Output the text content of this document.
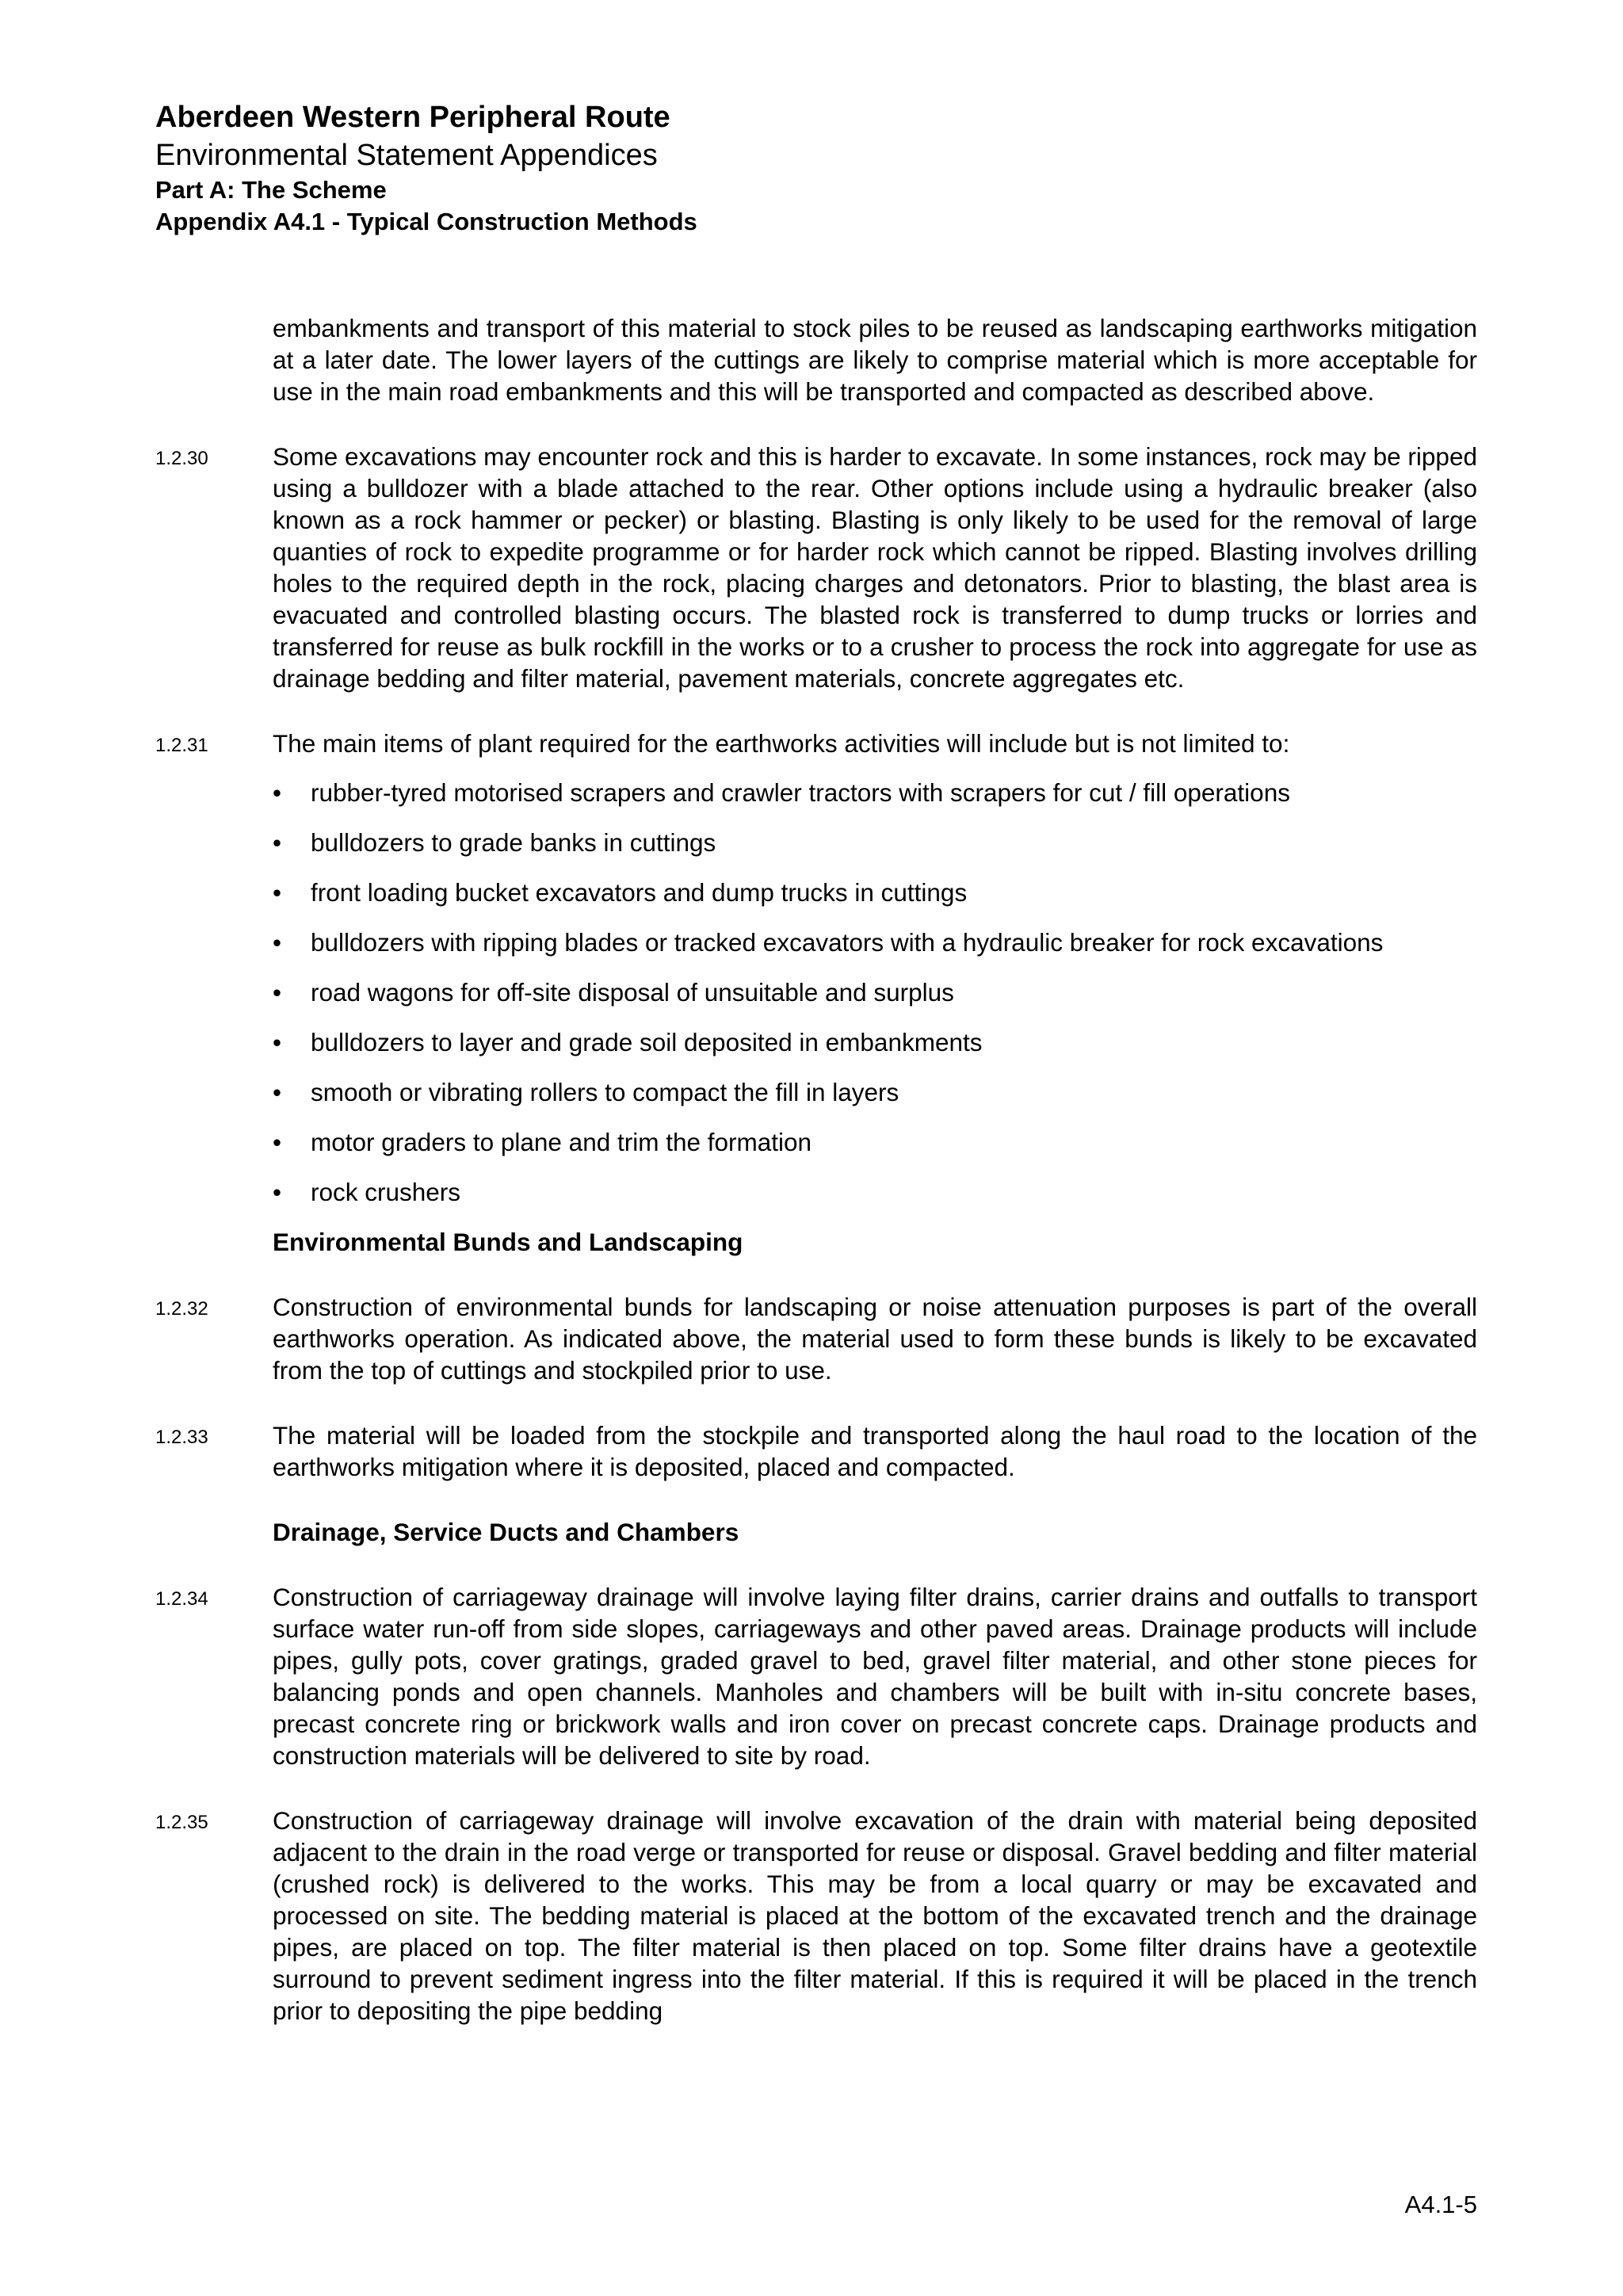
Aberdeen Western Peripheral Route
Environmental Statement Appendices
Part A: The Scheme
Appendix A4.1 - Typical Construction Methods
embankments and transport of this material to stock piles to be reused as landscaping earthworks mitigation at a later date. The lower layers of the cuttings are likely to comprise material which is more acceptable for use in the main road embankments and this will be transported and compacted as described above.
1.2.30	Some excavations may encounter rock and this is harder to excavate. In some instances, rock may be ripped using a bulldozer with a blade attached to the rear. Other options include using a hydraulic breaker (also known as a rock hammer or pecker) or blasting. Blasting is only likely to be used for the removal of large quanties of rock to expedite programme or for harder rock which cannot be ripped. Blasting involves drilling holes to the required depth in the rock, placing charges and detonators. Prior to blasting, the blast area is evacuated and controlled blasting occurs. The blasted rock is transferred to dump trucks or lorries and transferred for reuse as bulk rockfill in the works or to a crusher to process the rock into aggregate for use as drainage bedding and filter material, pavement materials, concrete aggregates etc.
1.2.31	The main items of plant required for the earthworks activities will include but is not limited to:
• rubber-tyred motorised scrapers and crawler tractors with scrapers for cut / fill operations
• bulldozers to grade banks in cuttings
• front loading bucket excavators and dump trucks in cuttings
• bulldozers with ripping blades or tracked excavators with a hydraulic breaker for rock excavations
• road wagons for off-site disposal of unsuitable and surplus
• bulldozers to layer and grade soil deposited in embankments
• smooth or vibrating rollers to compact the fill in layers
• motor graders to plane and trim the formation
• rock crushers
Environmental Bunds and Landscaping
1.2.32	Construction of environmental bunds for landscaping or noise attenuation purposes is part of the overall earthworks operation. As indicated above, the material used to form these bunds is likely to be excavated from the top of cuttings and stockpiled prior to use.
1.2.33	The material will be loaded from the stockpile and transported along the haul road to the location of the earthworks mitigation where it is deposited, placed and compacted.
Drainage, Service Ducts and Chambers
1.2.34	Construction of carriageway drainage will involve laying filter drains, carrier drains and outfalls to transport surface water run-off from side slopes, carriageways and other paved areas. Drainage products will include pipes, gully pots, cover gratings, graded gravel to bed, gravel filter material, and other stone pieces for balancing ponds and open channels. Manholes and chambers will be built with in-situ concrete bases, precast concrete ring or brickwork walls and iron cover on precast concrete caps. Drainage products and construction materials will be delivered to site by road.
1.2.35	Construction of carriageway drainage will involve excavation of the drain with material being deposited adjacent to the drain in the road verge or transported for reuse or disposal. Gravel bedding and filter material (crushed rock) is delivered to the works. This may be from a local quarry or may be excavated and processed on site. The bedding material is placed at the bottom of the excavated trench and the drainage pipes, are placed on top. The filter material is then placed on top. Some filter drains have a geotextile surround to prevent sediment ingress into the filter material. If this is required it will be placed in the trench prior to depositing the pipe bedding
A4.1-5
